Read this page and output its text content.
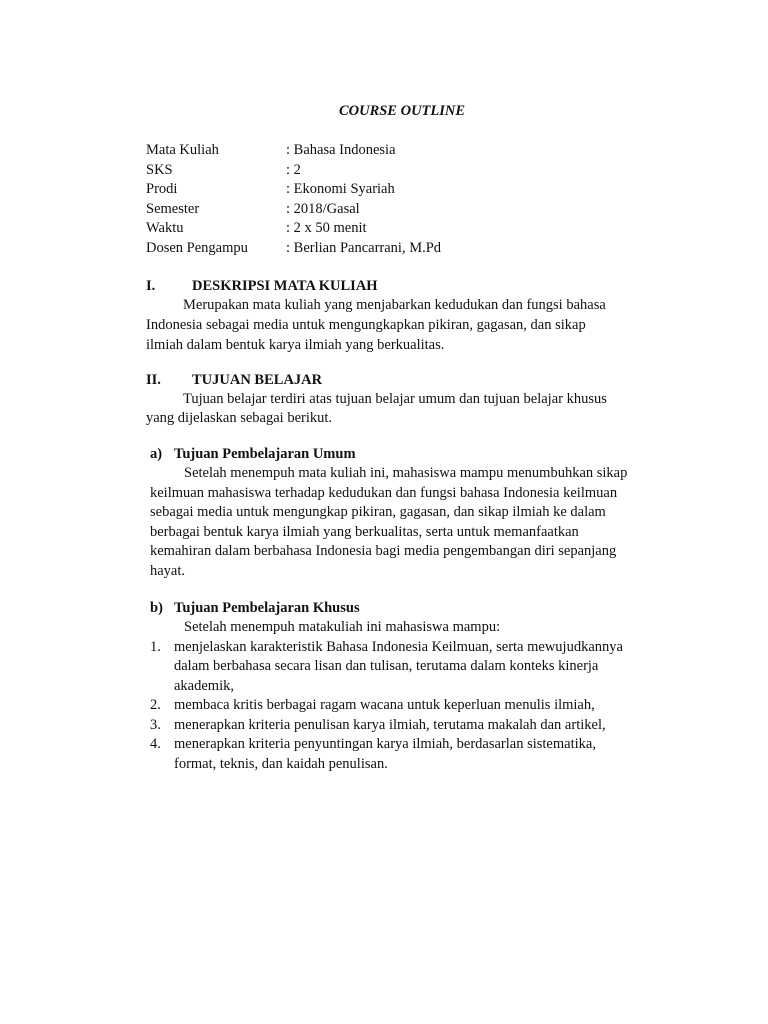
COURSE OUTLINE
Mata Kuliah	: Bahasa Indonesia
SKS	: 2
Prodi	: Ekonomi Syariah
Semester	: 2018/Gasal
Waktu	: 2 x 50 menit
Dosen Pengampu	: Berlian Pancarrani, M.Pd
I.	DESKRIPSI MATA KULIAH
Merupakan mata kuliah yang menjabarkan kedudukan dan fungsi bahasa
Indonesia sebagai media untuk mengungkapkan pikiran, gagasan, dan sikap
ilmiah dalam bentuk karya ilmiah yang berkualitas.
II. TUJUAN BELAJAR
Tujuan belajar terdiri atas tujuan belajar umum dan tujuan belajar khusus
yang dijelaskan sebagai berikut.
a) Tujuan Pembelajaran Umum
Setelah menempuh mata kuliah ini, mahasiswa mampu menumbuhkan sikap
keilmuan mahasiswa terhadap kedudukan dan fungsi bahasa Indonesia keilmuan
sebagai media untuk mengungkap pikiran, gagasan, dan sikap ilmiah ke dalam
berbagai bentuk karya ilmiah yang berkualitas, serta untuk memanfaatkan
kemahiran dalam berbahasa Indonesia bagi media pengembangan diri sepanjang
hayat.
b) Tujuan Pembelajaran Khusus
Setelah menempuh matakuliah ini mahasiswa mampu:
1. menjelaskan karakteristik Bahasa Indonesia Keilmuan, serta mewujudkannya
dalam berbahasa secara lisan dan tulisan, terutama dalam konteks kinerja
akademik,
2. membaca kritis berbagai ragam wacana untuk keperluan menulis ilmiah,
3. menerapkan kriteria penulisan karya ilmiah, terutama makalah dan artikel,
4. menerapkan kriteria penyuntingan karya ilmiah, berdasarlan sistematika,
format, teknis, dan kaidah penulisan.
